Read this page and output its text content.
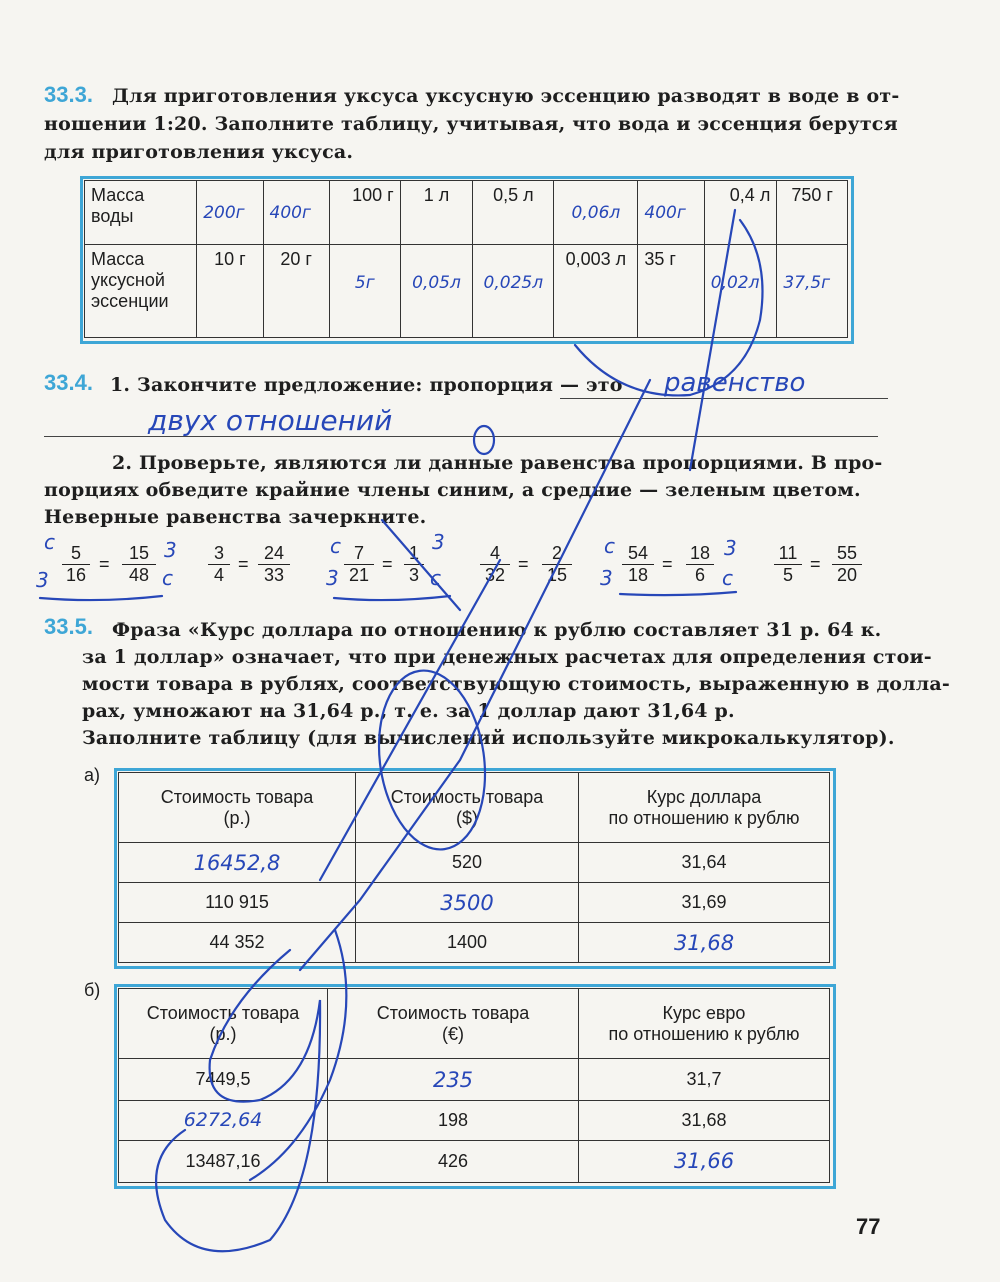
33.3. Для приготовления уксуса уксусную эссенцию разводят в воде в от-
ношении 1:20. Заполните таблицу, учитывая, что вода и эссенция берутся
для приготовления уксуса.
Масса
воды	200г	400г	100 г	1 л	0,5 л	0,06л	400г	0,4 л	750 г
Масса
уксусной
эссенции	10 г	20 г	5г	0,05л	0,025л	0,003 л	35 г	0,02л	37,5г
33.4. 1. Закончите предложение: пропорция — это равенство
двух отношений
2. Проверьте, являются ли данные равенства пропорциями. В про-
порциях обведите крайние члены синим, а средние — зеленым цветом.
Неверные равенства зачеркните.
с
$3 \frac{5}{16} = \frac{15}{48} 3$
с $\frac{3}{4} = \frac{24}{33}$ с
$3 \frac{7}{21} = \frac{1}{3}$
3
с $\frac{4}{32} = \frac{2}{15}$ с
$3 \frac{54}{18} = \frac{18}{6} 3$
с $\frac{11}{5} = \frac{55}{20}$
33.5. Фраза «Курс доллара по отношению к рублю составляет 31 р. 64 к.
за 1 доллар» означает, что при денежных расчетах для определения стои-
мости товара в рублях, соответствующую стоимость, выраженную в долла-
рах, умножают на 31,64 р., т. е. за 1 доллар дают 31,64 р.
Заполните таблицу (для вычислений используйте микрокалькулятор).
а)
Стоимость товара
(р.)	Стоимость товара
($)	Курс доллара
по отношению к рублю
16452,8	520	31,64
110 915	3500	31,69
44 352	1400	31,68
б)
Стоимость товара
(р.)	Стоимость товара
(€)	Курс евро
по отношению к рублю
7449,5	235	31,7
6272,64	198	31,68
13487,16	426	31,66
77
